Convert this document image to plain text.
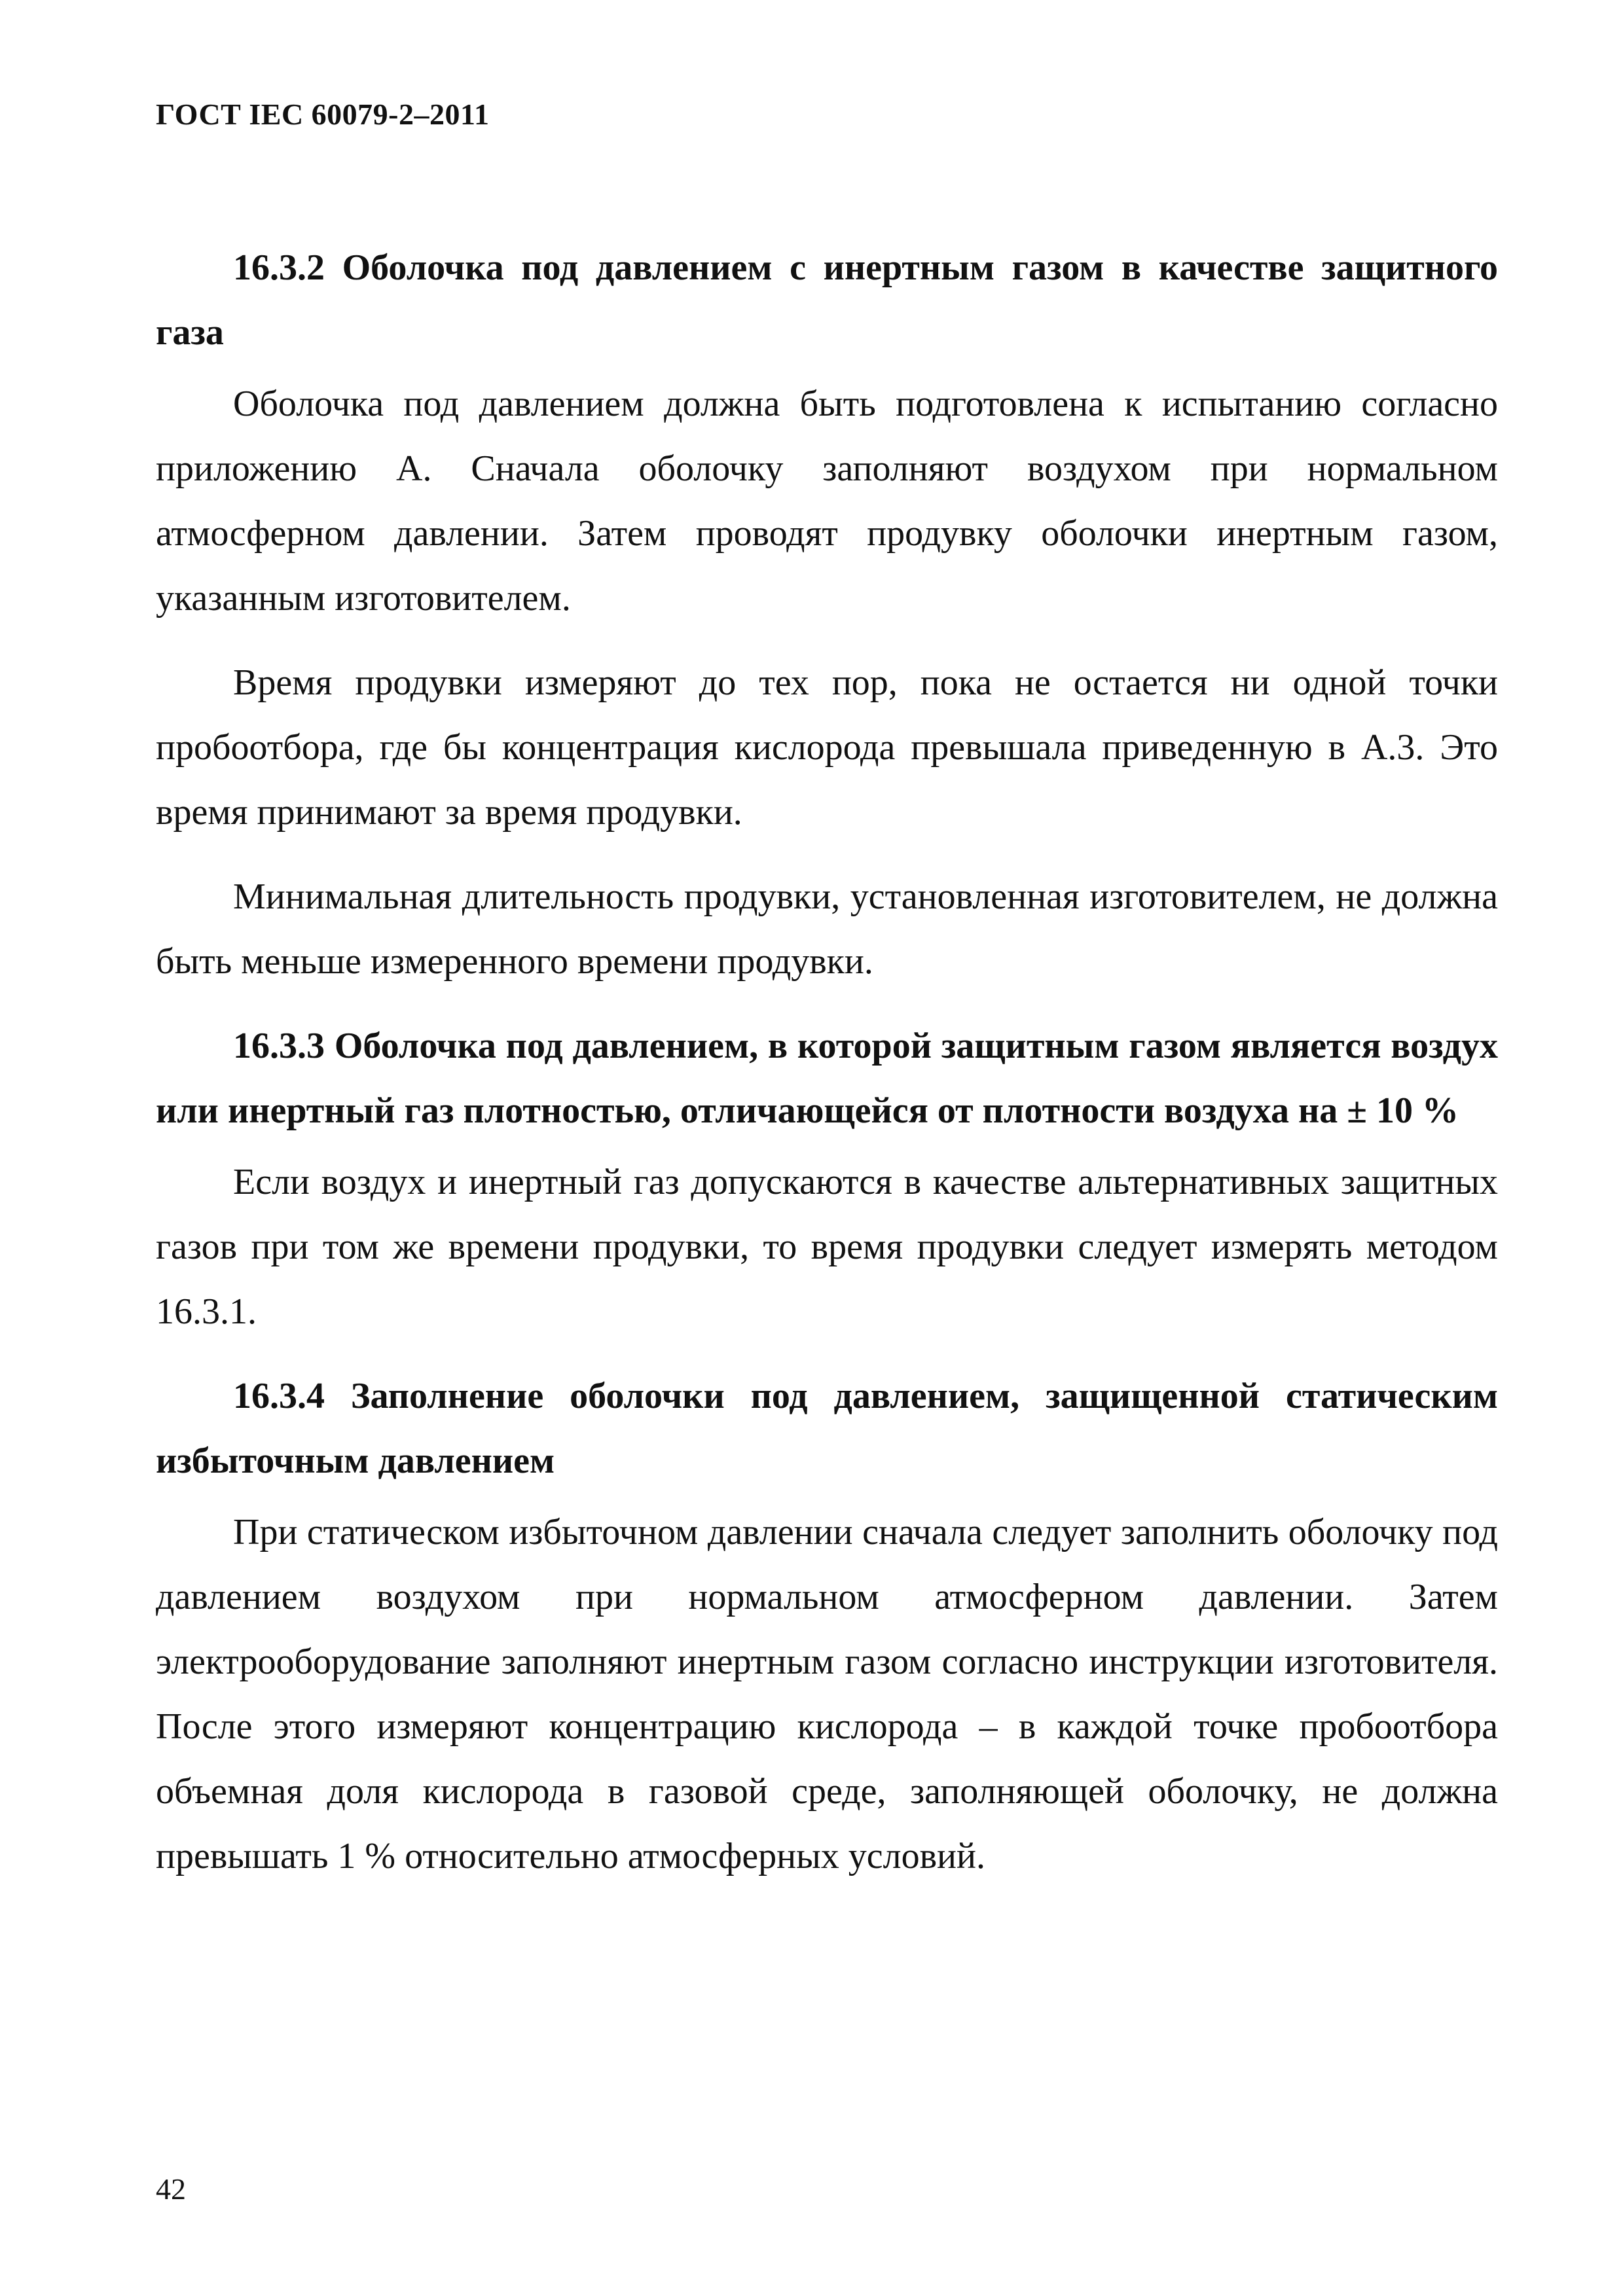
ГОСТ IEC 60079-2–2011

16.3.2 Оболочка под давлением с инертным газом в качестве защитного газа

Оболочка под давлением должна быть подготовлена к испытанию согласно приложению А. Сначала оболочку заполняют воздухом при нормальном атмосферном давлении. Затем проводят продувку оболочки инертным газом, указанным изготовителем.

Время продувки измеряют до тех пор, пока не остается ни одной точки пробоотбора, где бы концентрация кислорода превышала приведенную в А.3. Это время принимают за время продувки.

Минимальная длительность продувки, установленная изготовителем, не должна быть меньше измеренного времени продувки.

16.3.3 Оболочка под давлением, в которой защитным газом является воздух или инертный газ плотностью, отличающейся от плотности воздуха на ± 10 %

Если воздух и инертный газ допускаются в качестве альтернативных защитных газов при том же времени продувки, то время продувки следует измерять методом 16.3.1.

16.3.4 Заполнение оболочки под давлением, защищенной статическим избыточным давлением

При статическом избыточном давлении сначала следует заполнить оболочку под давлением воздухом при нормальном атмосферном давлении. Затем электрооборудование заполняют инертным газом согласно инструкции изготовителя. После этого измеряют концентрацию кислорода – в каждой точке пробоотбора объемная доля кислорода в газовой среде, заполняющей оболочку, не должна превышать 1 % относительно атмосферных условий.

42
